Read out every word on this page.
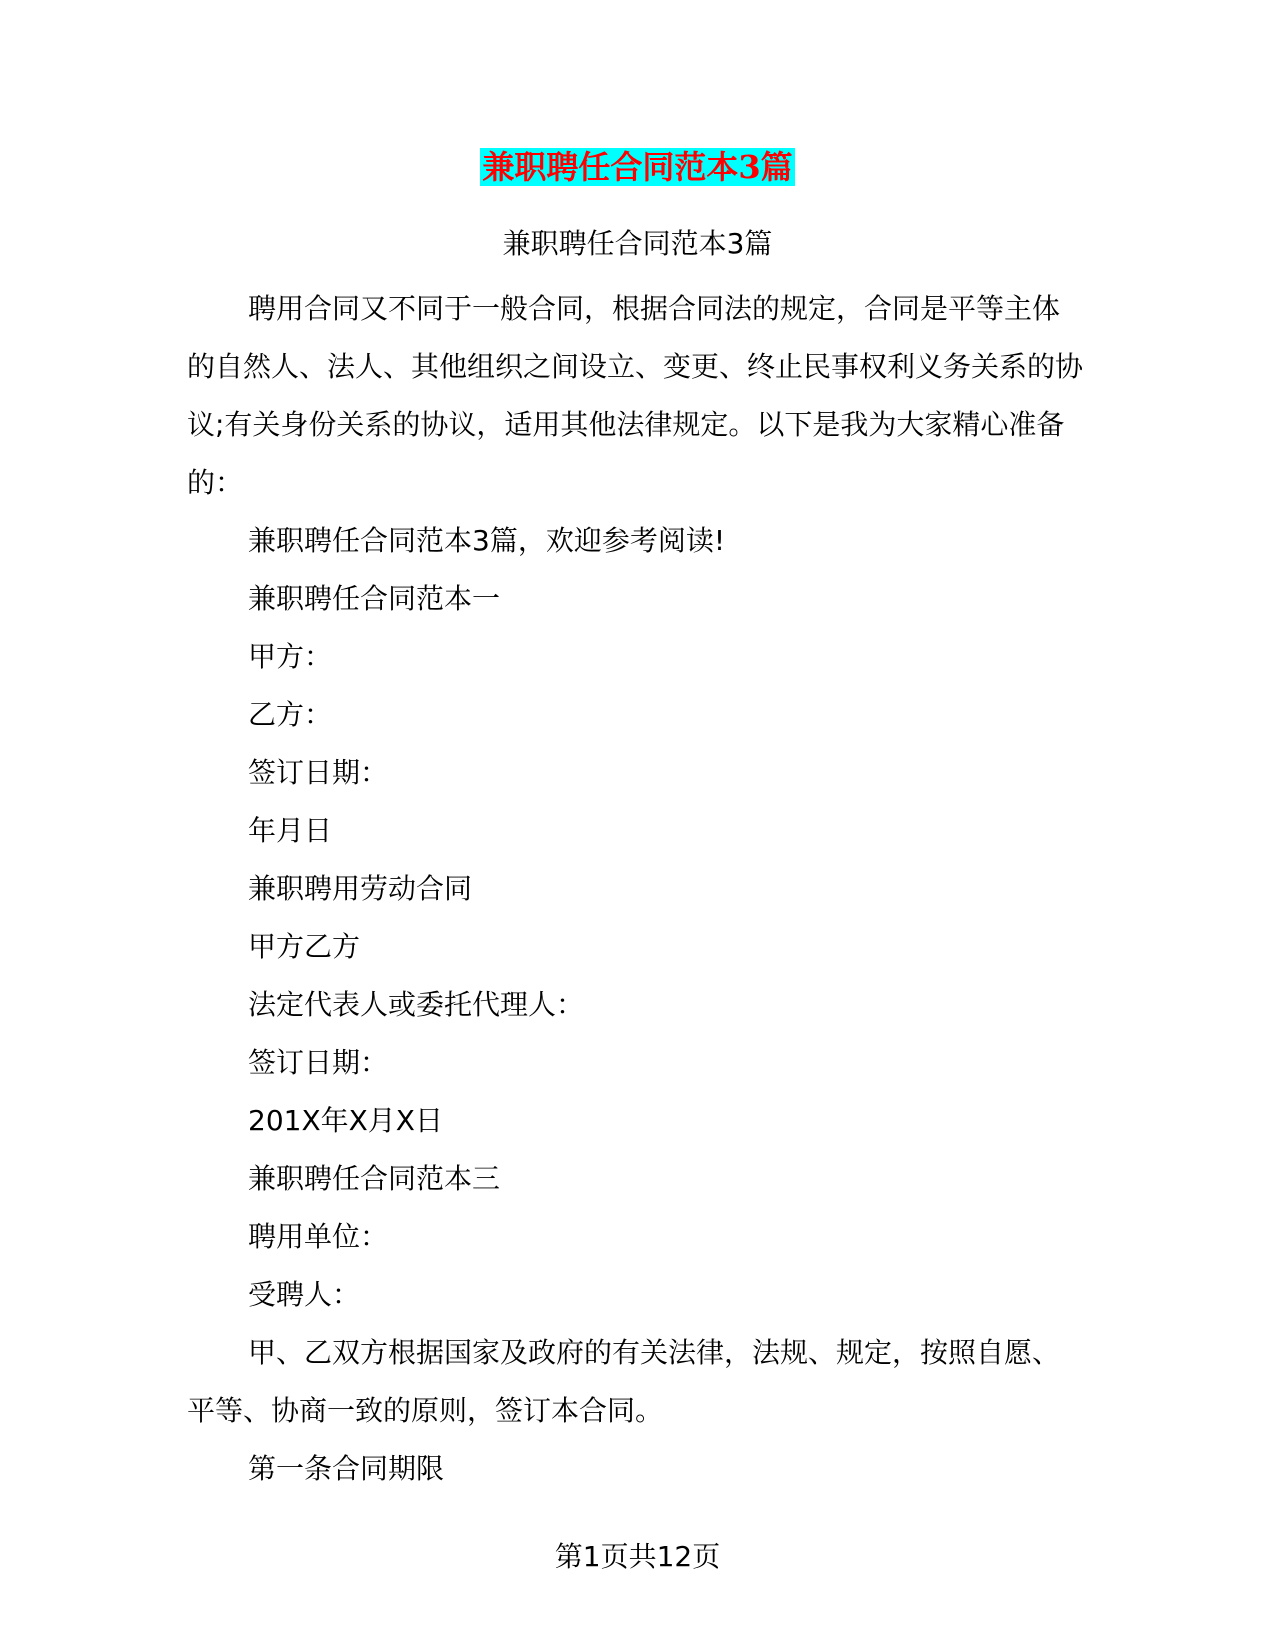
兼职聘任合同范本3篇
兼职聘任合同范本3篇

聘用合同又不同于一般合同，根据合同法的规定，合同是平等主体的自然人、法人、其他组织之间设立、变更、终止民事权利义务关系的协议;有关身份关系的协议，适用其他法律规定。以下是我为大家精心准备的：

兼职聘任合同范本3篇，欢迎参考阅读!

兼职聘任合同范本一

甲方：

乙方：

签订日期：

年月日

兼职聘用劳动合同

甲方乙方

法定代表人或委托代理人：

签订日期：

201X年X月X日

兼职聘任合同范本三

聘用单位：

受聘人：

甲、乙双方根据国家及政府的有关法律，法规、规定，按照自愿、平等、协商一致的原则，签订本合同。

第一条合同期限

第1页共12页
